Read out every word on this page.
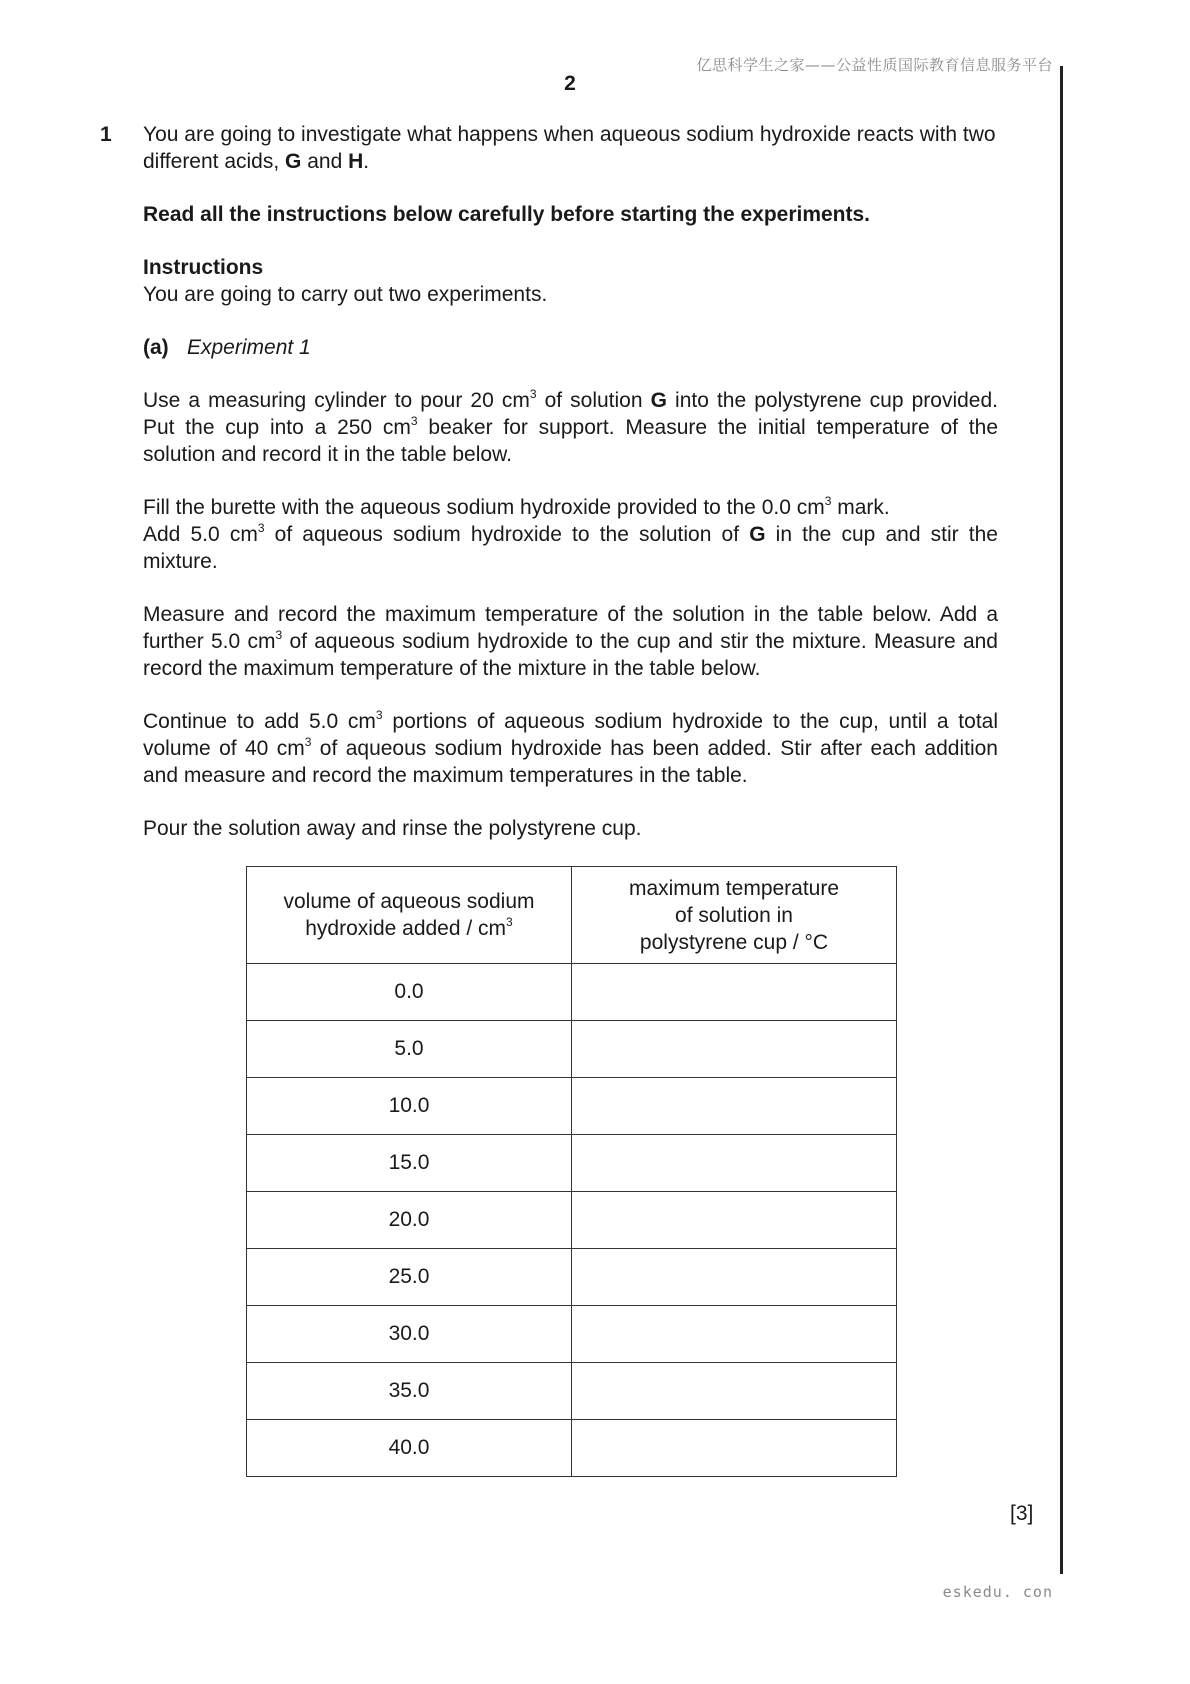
亿思科学生之家——公益性质国际教育信息服务平台
2
1 You are going to investigate what happens when aqueous sodium hydroxide reacts with two different acids, G and H.

Read all the instructions below carefully before starting the experiments.

Instructions

You are going to carry out two experiments.

(a) Experiment 1

Use a measuring cylinder to pour 20 $cm^3$ of solution G into the polystyrene cup provided. Put the cup into a 250 $cm^3$ beaker for support. Measure the initial temperature of the solution and record it in the table below.

Fill the burette with the aqueous sodium hydroxide provided to the 0.0 $cm^3$ mark.
Add 5.0 $cm^3$ of aqueous sodium hydroxide to the solution of G in the cup and stir the mixture.

Measure and record the maximum temperature of the solution in the table below. Add a further 5.0 $cm^3$ of aqueous sodium hydroxide to the cup and stir the mixture. Measure and record the maximum temperature of the mixture in the table below.

Continue to add 5.0 $cm^3$ portions of aqueous sodium hydroxide to the cup, until a total volume of 40 $cm^3$ of aqueous sodium hydroxide has been added. Stir after each addition and measure and record the maximum temperatures in the table.

Pour the solution away and rinse the polystyrene cup.

volume of aqueous sodium
hydroxide added / $cm^3$	maximum temperature
of solution in
polystyrene cup / °C
0.0	
5.0	
10.0	
15.0	
20.0	
25.0	
30.0	
35.0	
40.0	
[3]
eskedu. con
